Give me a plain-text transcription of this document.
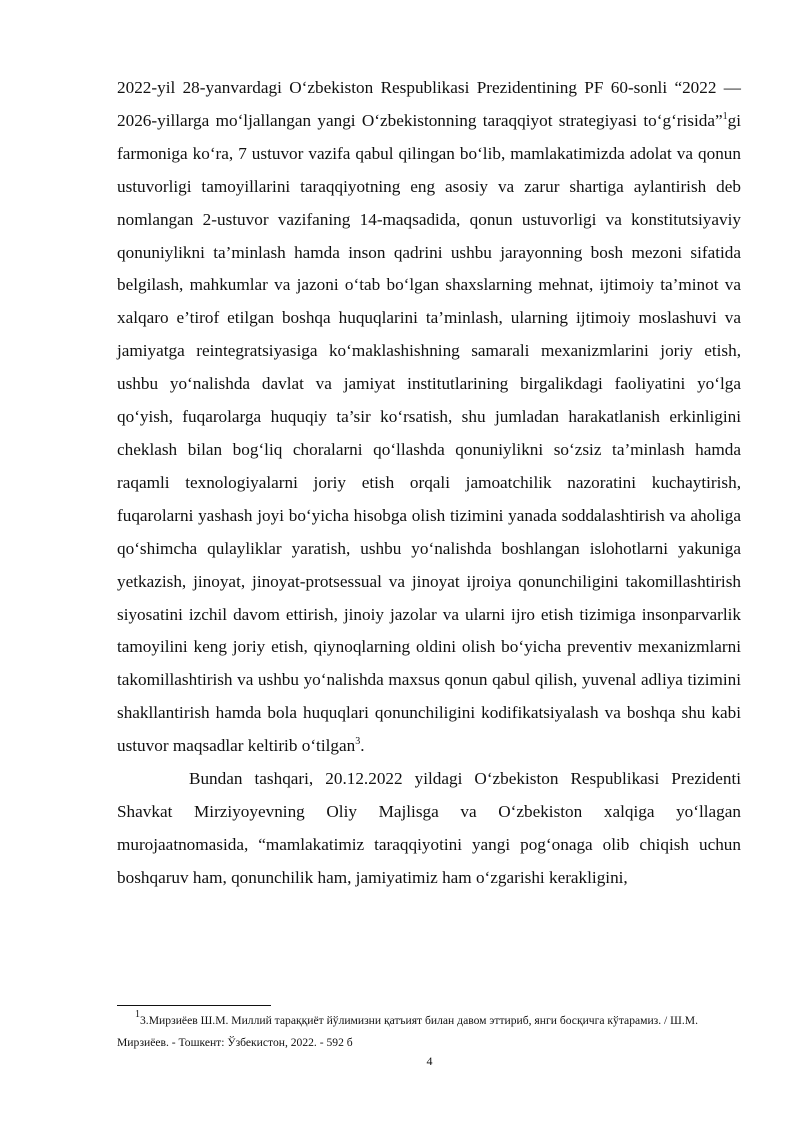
2022-yil 28-yanvardagi O‘zbekiston Respublikasi Prezidentining PF 60-sonli “2022 — 2026-yillarga mo‘ljallangan yangi O‘zbekistonning taraqqiyot strategiyasi to‘g‘risida”$^1$gi farmoniga ko‘ra, 7 ustuvor vazifa qabul qilingan bo‘lib, mamlakatimizda adolat va qonun ustuvorligi tamoyillarini taraqqiyotning eng asosiy va zarur shartiga aylantirish deb nomlangan 2-ustuvor vazifaning 14-maqsadida, qonun ustuvorligi va konstitutsiyaviy qonuniylikni ta’minlash hamda inson qadrini ushbu jarayonning bosh mezoni sifatida belgilash, mahkumlar va jazoni o‘tab bo‘lgan shaxslarning mehnat, ijtimoiy ta’minot va xalqaro e’tirof etilgan boshqa huquqlarini ta’minlash, ularning ijtimoiy moslashuvi va jamiyatga reintegratsiyasiga ko‘maklashishning samarali mexanizmlarini joriy etish, ushbu yo‘nalishda davlat va jamiyat institutlarining birgalikdagi faoliyatini yo‘lga qo‘yish, fuqarolarga huquqiy ta’sir ko‘rsatish, shu jumladan harakatlanish erkinligini cheklash bilan bog‘liq choralarni qo‘llashda qonuniylikni so‘zsiz ta’minlash hamda raqamli texnologiyalarni joriy etish orqali jamoatchilik nazoratini kuchaytirish, fuqarolarni yashash joyi bo‘yicha hisobga olish tizimini yanada soddalashtirish va aholiga qo‘shimcha qulayliklar yaratish, ushbu yo‘nalishda boshlangan islohotlarni yakuniga yetkazish, jinoyat, jinoyat-protsessual va jinoyat ijroiya qonunchiligini takomillashtirish siyosatini izchil davom ettirish, jinoiy jazolar va ularni ijro etish tizimiga insonparvarlik tamoyilini keng joriy etish, qiynoqlarning oldini olish bo‘yicha preventiv mexanizmlarni takomillashtirish va ushbu yo‘nalishda maxsus qonun qabul qilish, yuvenal adliya tizimini shakllantirish hamda bola huquqlari qonunchiligini kodifikatsiyalash va boshqa shu kabi ustuvor maqsadlar keltirib o‘tilgan$^3$.

Bundan tashqari, 20.12.2022 yildagi O‘zbekiston Respublikasi Prezidenti Shavkat Mirziyoyevning Oliy Majlisga va O‘zbekiston xalqiga yo‘llagan murojaatnomasida, “mamlakatimiz taraqqiyotini yangi pog‘onaga olib chiqish uchun boshqaruv ham, qonunchilik ham, jamiyatimiz ham o‘zgarishi kerakligini,

$^1$3.Мирзиёев Ш.М. Миллий тараққиёт йўлимизни қатъият билан давом эттириб, янги босқичга кўтарамиз. / Ш.М. Мирзиёев. - Тошкент: Ўзбекистон, 2022. - 592 б
4
